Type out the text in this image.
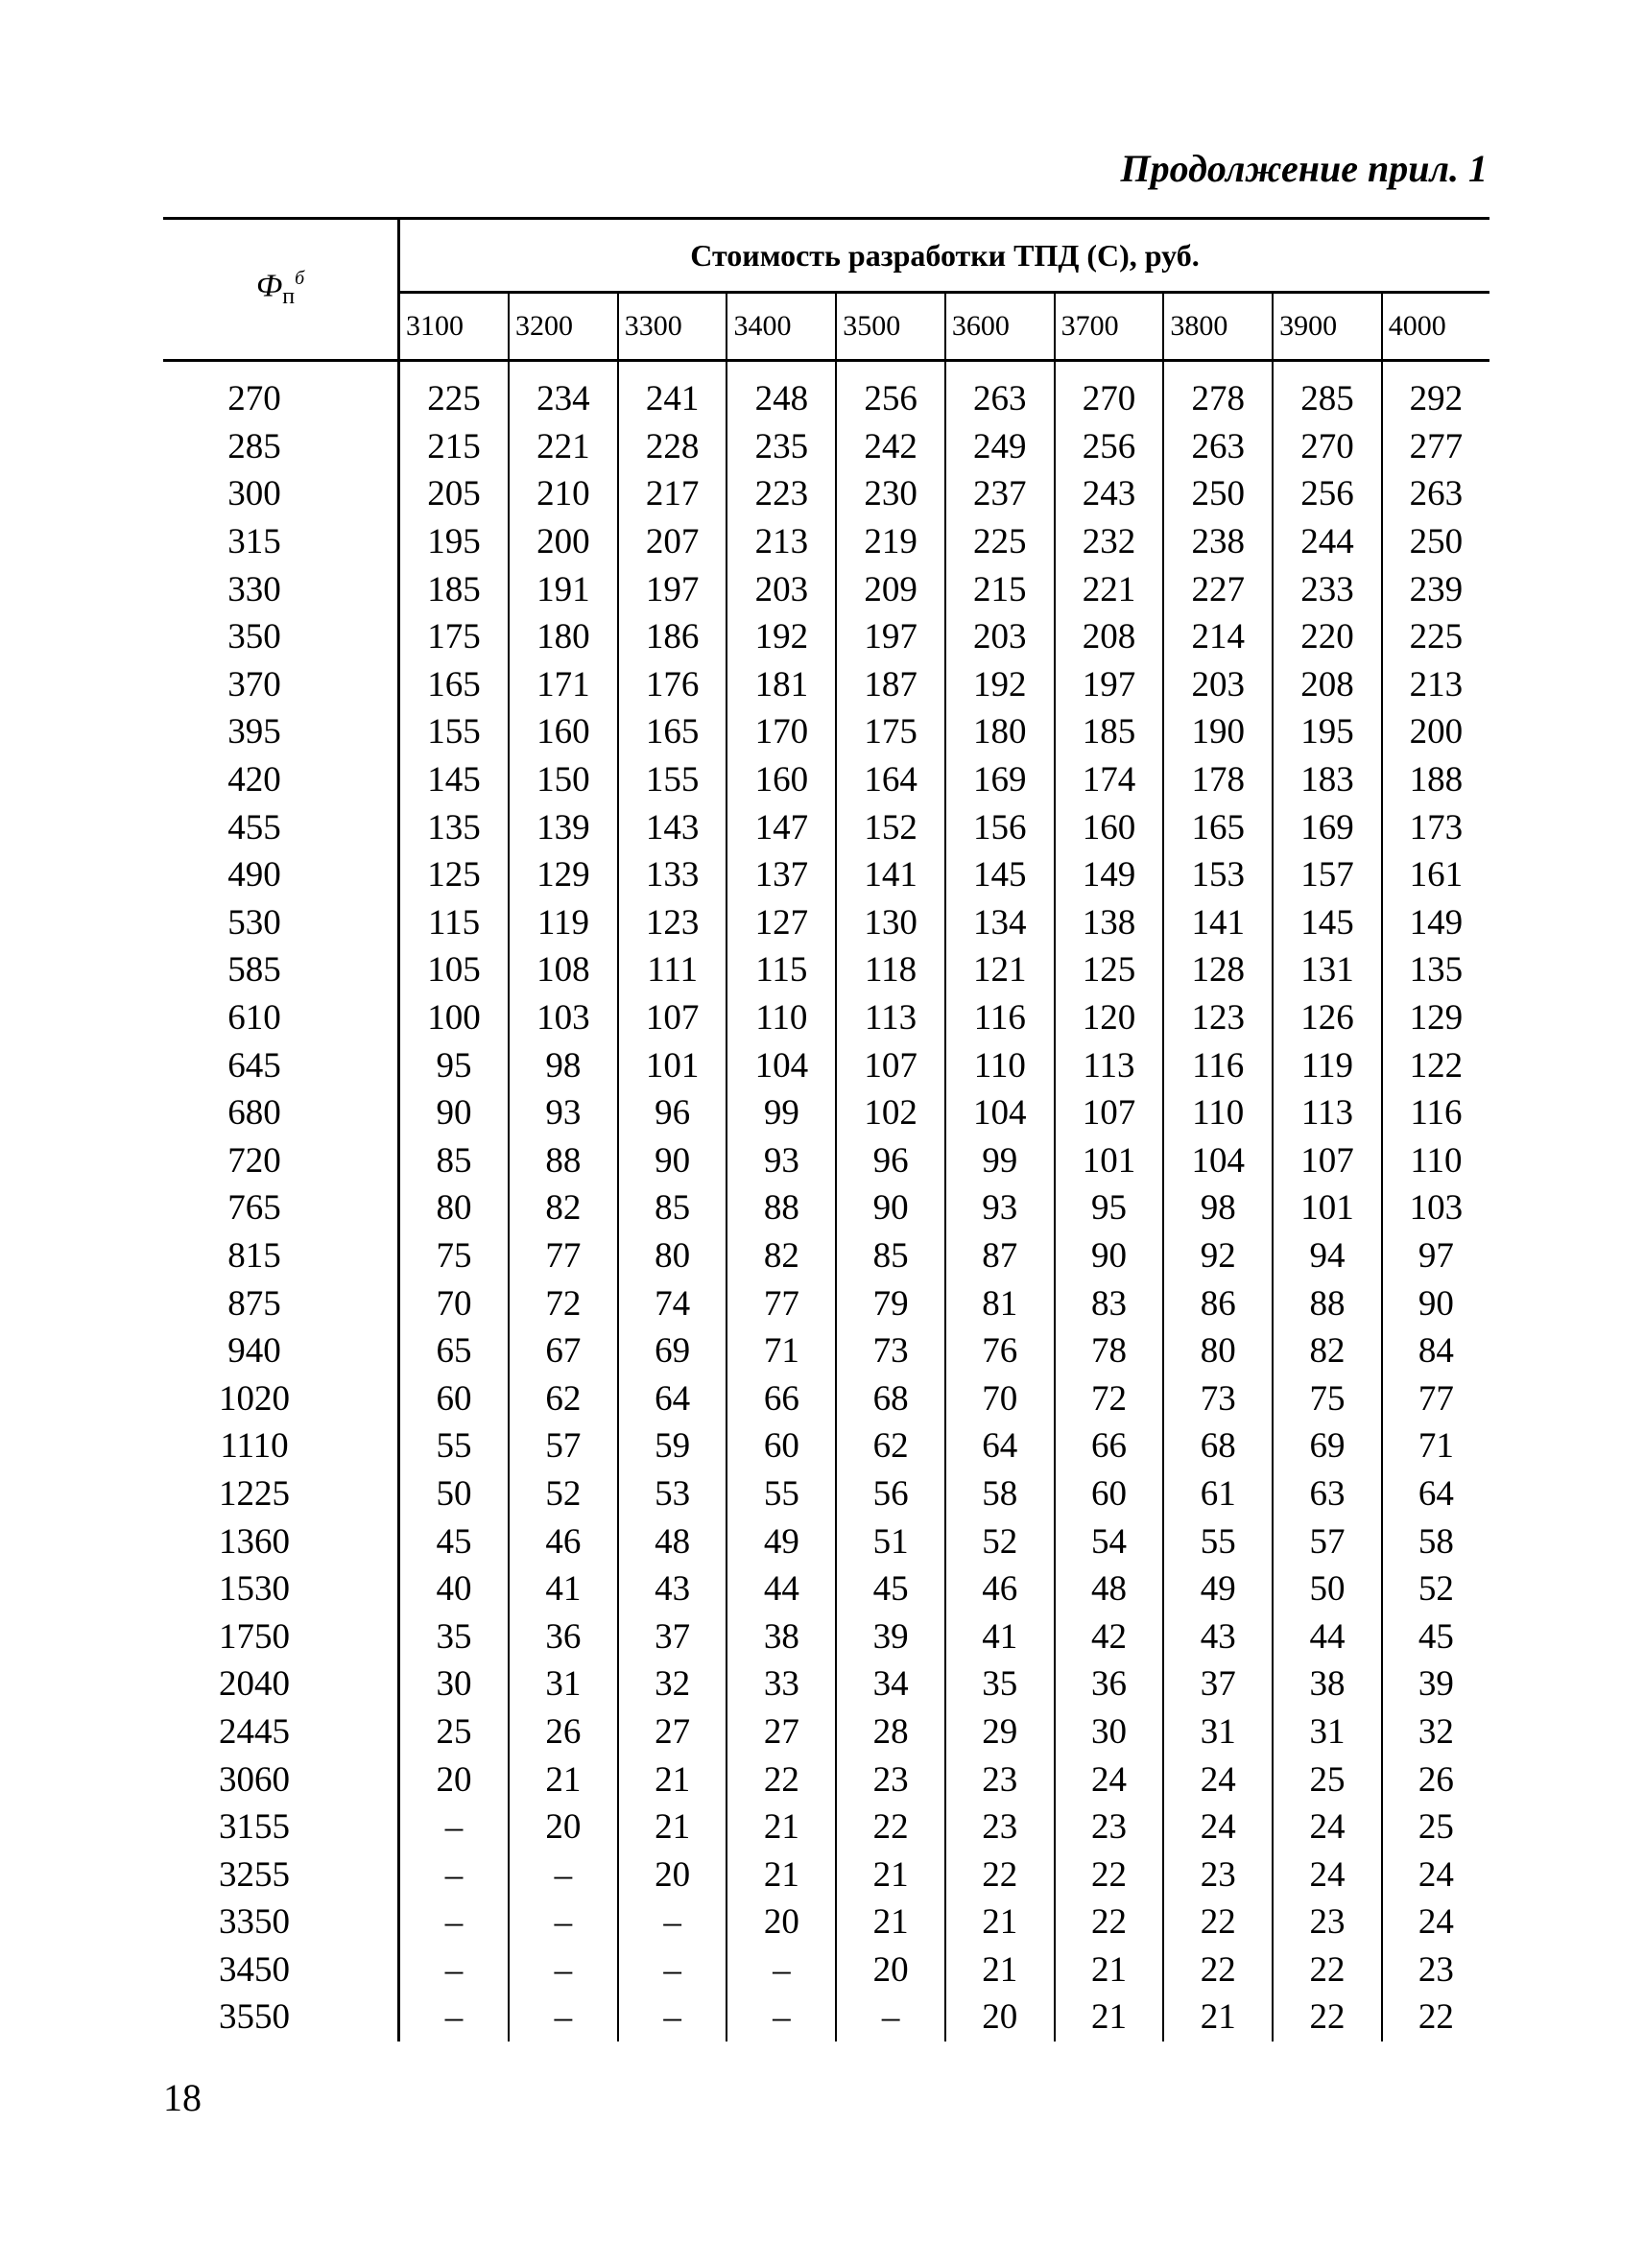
Продолжение прил. 1
$Ф_п^б$	Стоимость разработки ТПД (C), руб.									
	3100	3200	3300	3400	3500	3600	3700	3800	3900	4000
270	225	234	241	248	256	263	270	278	285	292
285	215	221	228	235	242	249	256	263	270	277
300	205	210	217	223	230	237	243	250	256	263
315	195	200	207	213	219	225	232	238	244	250
330	185	191	197	203	209	215	221	227	233	239
350	175	180	186	192	197	203	208	214	220	225
370	165	171	176	181	187	192	197	203	208	213
395	155	160	165	170	175	180	185	190	195	200
420	145	150	155	160	164	169	174	178	183	188
455	135	139	143	147	152	156	160	165	169	173
490	125	129	133	137	141	145	149	153	157	161
530	115	119	123	127	130	134	138	141	145	149
585	105	108	111	115	118	121	125	128	131	135
610	100	103	107	110	113	116	120	123	126	129
645	95	98	101	104	107	110	113	116	119	122
680	90	93	96	99	102	104	107	110	113	116
720	85	88	90	93	96	99	101	104	107	110
765	80	82	85	88	90	93	95	98	101	103
815	75	77	80	82	85	87	90	92	94	97
875	70	72	74	77	79	81	83	86	88	90
940	65	67	69	71	73	76	78	80	82	84
1020	60	62	64	66	68	70	72	73	75	77
1110	55	57	59	60	62	64	66	68	69	71
1225	50	52	53	55	56	58	60	61	63	64
1360	45	46	48	49	51	52	54	55	57	58
1530	40	41	43	44	45	46	48	49	50	52
1750	35	36	37	38	39	41	42	43	44	45
2040	30	31	32	33	34	35	36	37	38	39
2445	25	26	27	27	28	29	30	31	31	32
3060	20	21	21	22	23	23	24	24	25	26
3155	–	20	21	21	22	23	23	24	24	25
3255	–	–	20	21	21	22	22	23	24	24
3350	–	–	–	20	21	21	22	22	23	24
3450	–	–	–	–	20	21	21	22	22	23
3550	–	–	–	–	–	20	21	21	22	22
18
